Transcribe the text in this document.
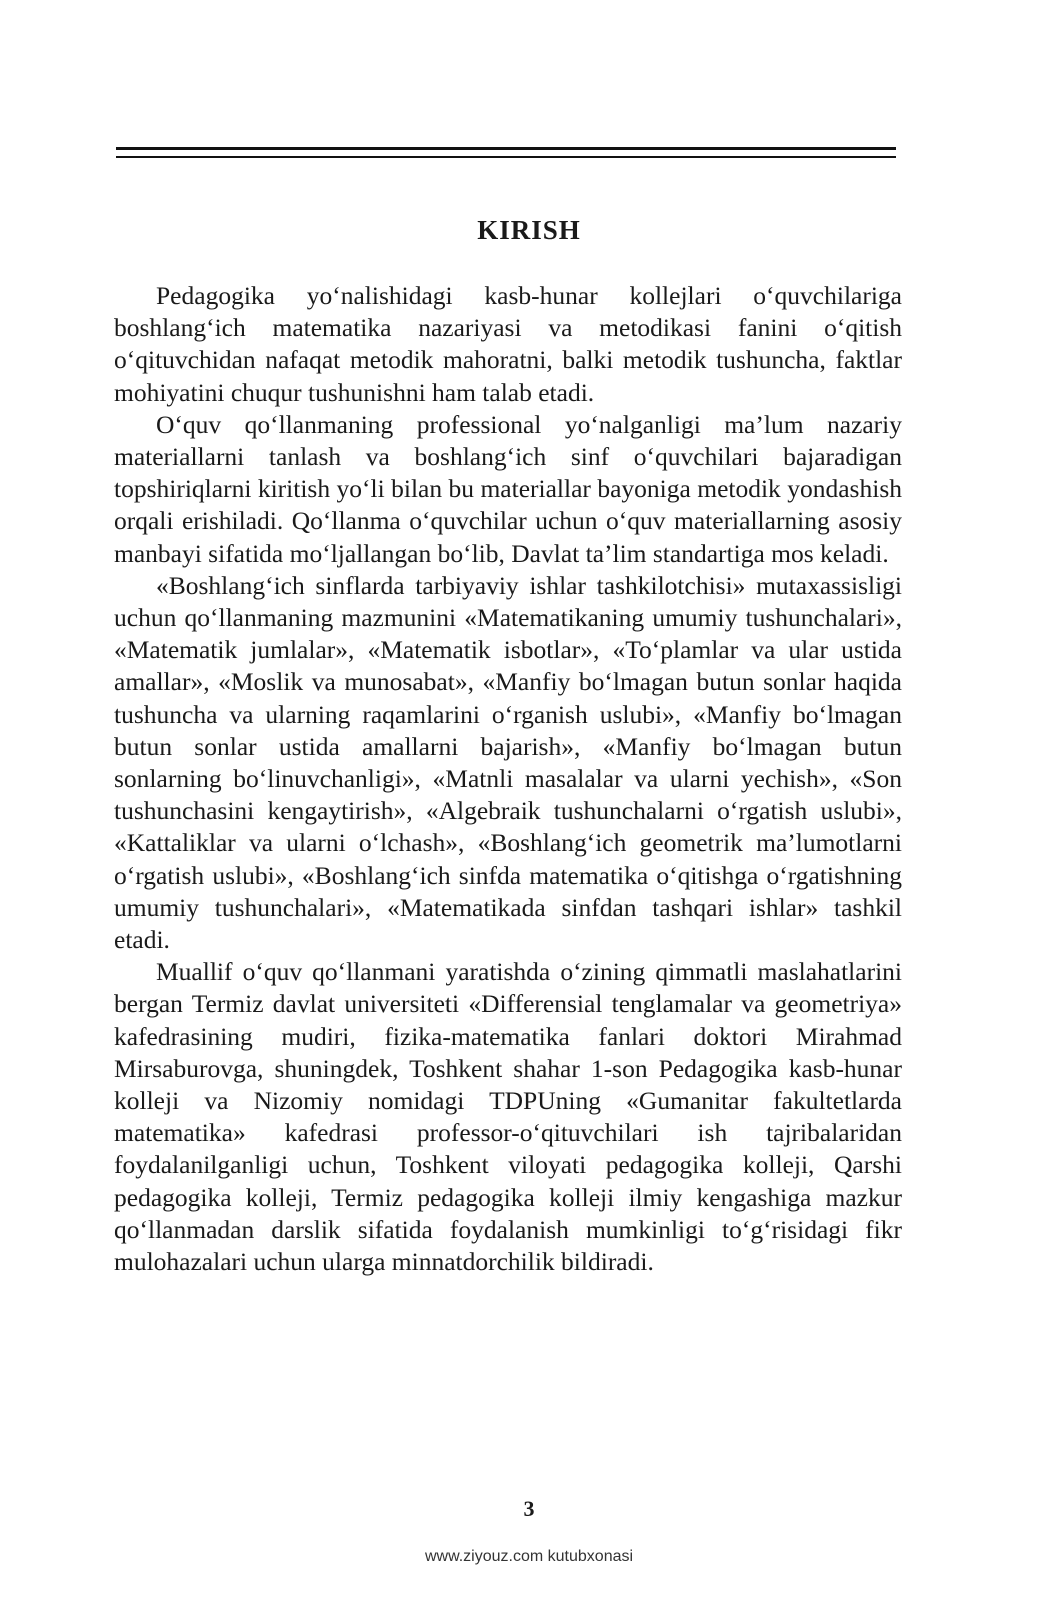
KIRISH

Pedagogika yo‘nalishidagi kasb-hunar kollejlari o‘quvchilariga boshlang‘ich matematika nazariyasi va metodikasi fanini o‘qitish o‘qituvchidan nafaqat metodik mahoratni, balki metodik tushuncha, faktlar mohiyatini chuqur tushunishni ham talab etadi.

O‘quv qo‘llanmaning professional yo‘nalganligi ma’lum nazariy materiallarni tanlash va boshlang‘ich sinf o‘quvchilari bajaradigan topshiriqlarni kiritish yo‘li bilan bu materiallar bayoniga metodik yondashish orqali erishiladi. Qo‘llanma o‘quvchilar uchun o‘quv materiallarning asosiy manbayi sifatida mo‘ljallangan bo‘lib, Davlat ta’lim standartiga mos keladi.

«Boshlang‘ich sinflarda tarbiyaviy ishlar tashkilotchisi» mutaxassisligi uchun qo‘llanmaning mazmunini «Matematikaning umumiy tushunchalari», «Matematik jumlalar», «Matematik isbotlar», «To‘plamlar va ular ustida amallar», «Moslik va munosabat», «Manfiy bo‘lmagan butun sonlar haqida tushuncha va ularning raqamlarini o‘rganish uslubi», «Manfiy bo‘lmagan butun sonlar ustida amallarni bajarish», «Manfiy bo‘lmagan butun sonlarning bo‘linuvchanligi», «Matnli masalalar va ularni yechish», «Son tushunchasini kengaytirish», «Algebraik tushunchalarni o‘rgatish uslubi», «Kattaliklar va ularni o‘lchash», «Boshlang‘ich geometrik ma’lumotlarni o‘rgatish uslubi», «Boshlang‘ich sinfda matematika o‘qitishga o‘rgatishning umumiy tushunchalari», «Matematikada sinfdan tashqari ishlar» tashkil etadi.

Muallif o‘quv qo‘llanmani yaratishda o‘zining qimmatli maslahatlarini bergan Termiz davlat universiteti «Differensial tenglamalar va geometriya» kafedrasining mudiri, fizika-matematika fanlari doktori Mirahmad Mirsaburovga, shuningdek, Toshkent shahar 1-son Pedagogika kasb-hunar kolleji va Nizomiy nomidagi TDPUning «Gumanitar fakultetlarda matematika» kafedrasi professor-o‘qituvchilari ish tajribalaridan foydalanilganligi uchun, Toshkent viloyati pedagogika kolleji, Qarshi pedagogika kolleji, Termiz pedagogika kolleji ilmiy kengashiga mazkur qo‘llanmadan darslik sifatida foydalanish mumkinligi to‘g‘risidagi fikr mulohazalari uchun ularga minnatdorchilik bildiradi.

3
www.ziyouz.com kutubxonasi
